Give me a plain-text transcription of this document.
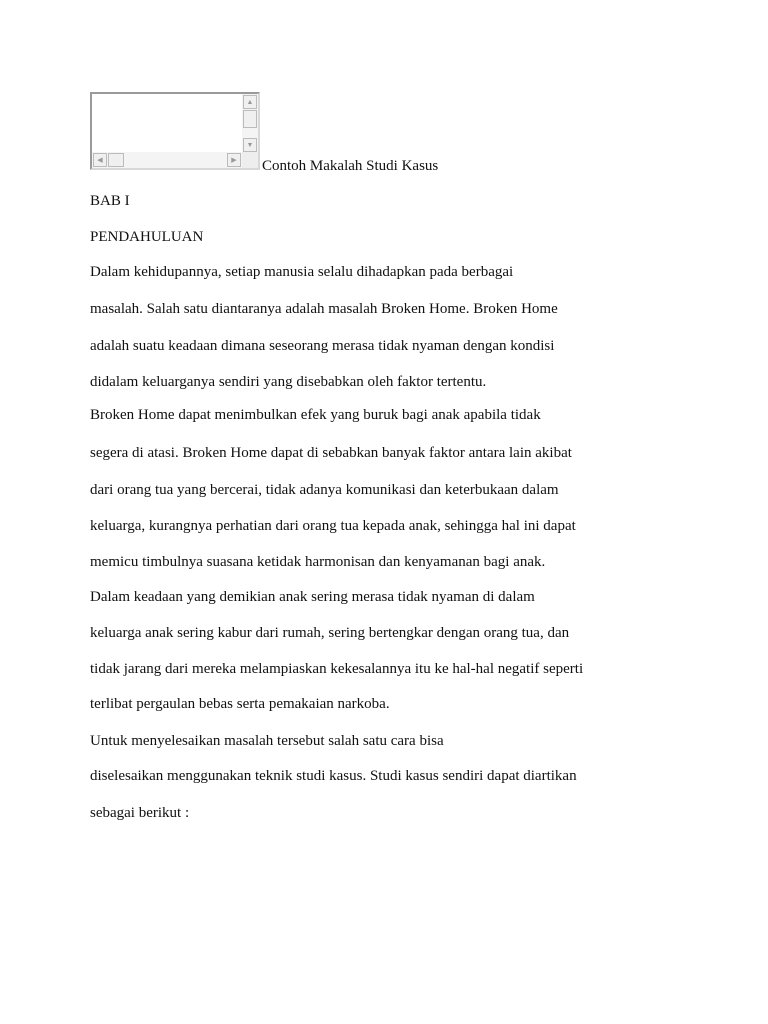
▲
▼
◀	▶ Contoh Makalah Studi Kasus
BAB I
PENDAHULUAN
Dalam kehidupannya, setiap manusia selalu dihadapkan pada berbagai
masalah. Salah satu diantaranya adalah masalah Broken Home. Broken Home
adalah suatu keadaan dimana seseorang merasa tidak nyaman dengan kondisi
didalam keluarganya sendiri yang disebabkan oleh faktor tertentu.
Broken Home dapat menimbulkan efek yang buruk bagi anak apabila tidak
segera di atasi. Broken Home dapat di sebabkan banyak faktor antara lain akibat
dari orang tua yang bercerai, tidak adanya komunikasi dan keterbukaan dalam
keluarga, kurangnya perhatian dari orang tua kepada anak, sehingga hal ini dapat
memicu timbulnya suasana ketidak harmonisan dan kenyamanan bagi anak.
Dalam keadaan yang demikian anak sering merasa tidak nyaman di dalam
keluarga anak sering kabur dari rumah, sering bertengkar dengan orang tua, dan
tidak jarang dari mereka melampiaskan kekesalannya itu ke hal-hal negatif seperti
terlibat pergaulan bebas serta pemakaian narkoba.
Untuk menyelesaikan masalah tersebut salah satu cara bisa
diselesaikan menggunakan teknik studi kasus. Studi kasus sendiri dapat diartikan
sebagai berikut :
